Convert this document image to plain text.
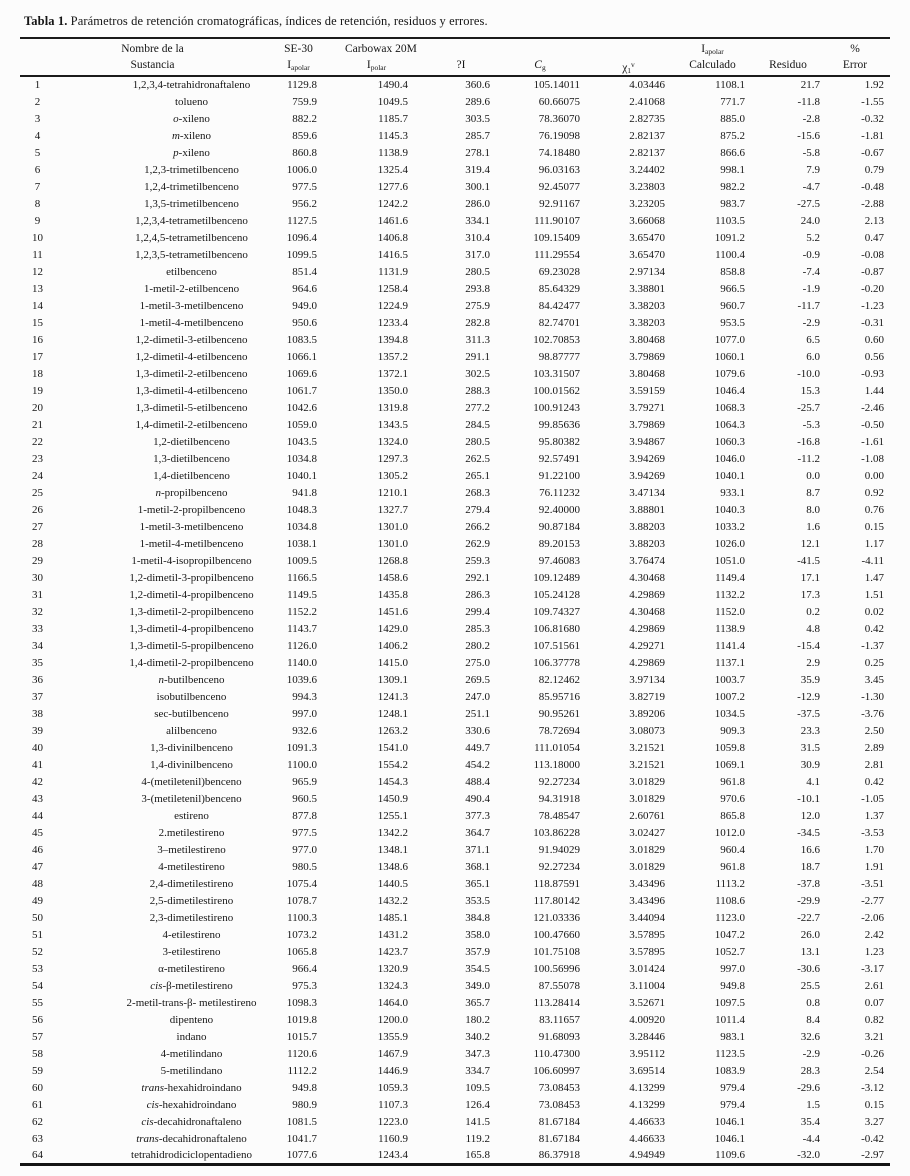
Tabla 1. Parámetros de retención cromatográficas, índices de retención, residuos y errores.

Nombre de la
Sustancia

SE-30
$I_{apolar}$

Carbowax 20M
$I_{polar}$	?I	$C_g$	$\chi_1^v$

$I_{apolar}$
Calculado	Residuo

%
Error

1	1,2,3,4-tetrahidronaftaleno	1129.8	1490.4	360.6	105.14011	4.03446	1108.1	21.7	1.92
2	tolueno	759.9	1049.5	289.6	60.66075	2.41068	771.7	-11.8	-1.55
3	o-xileno	882.2	1185.7	303.5	78.36070	2.82735	885.0	-2.8	-0.32
4	m-xileno	859.6	1145.3	285.7	76.19098	2.82137	875.2	-15.6	-1.81
5	p-xileno	860.8	1138.9	278.1	74.18480	2.82137	866.6	-5.8	-0.67
6	1,2,3-trimetilbenceno	1006.0	1325.4	319.4	96.03163	3.24402	998.1	7.9	0.79
7	1,2,4-trimetilbenceno	977.5	1277.6	300.1	92.45077	3.23803	982.2	-4.7	-0.48
8	1,3,5-trimetilbenceno	956.2	1242.2	286.0	92.91167	3.23205	983.7	-27.5	-2.88
9	1,2,3,4-tetrametilbenceno	1127.5	1461.6	334.1	111.90107	3.66068	1103.5	24.0	2.13
10	1,2,4,5-tetrametilbenceno	1096.4	1406.8	310.4	109.15409	3.65470	1091.2	5.2	0.47
11	1,2,3,5-tetrametilbenceno	1099.5	1416.5	317.0	111.29554	3.65470	1100.4	-0.9	-0.08
12	etilbenceno	851.4	1131.9	280.5	69.23028	2.97134	858.8	-7.4	-0.87
13	1-metil-2-etilbenceno	964.6	1258.4	293.8	85.64329	3.38801	966.5	-1.9	-0.20
14	1-metil-3-metilbenceno	949.0	1224.9	275.9	84.42477	3.38203	960.7	-11.7	-1.23
15	1-metil-4-metilbenceno	950.6	1233.4	282.8	82.74701	3.38203	953.5	-2.9	-0.31
16	1,2-dimetil-3-etilbenceno	1083.5	1394.8	311.3	102.70853	3.80468	1077.0	6.5	0.60
17	1,2-dimetil-4-etilbenceno	1066.1	1357.2	291.1	98.87777	3.79869	1060.1	6.0	0.56
18	1,3-dimetil-2-etilbenceno	1069.6	1372.1	302.5	103.31507	3.80468	1079.6	-10.0	-0.93
19	1,3-dimetil-4-etilbenceno	1061.7	1350.0	288.3	100.01562	3.59159	1046.4	15.3	1.44
20	1,3-dimetil-5-etilbenceno	1042.6	1319.8	277.2	100.91243	3.79271	1068.3	-25.7	-2.46
21	1,4-dimetil-2-etilbenceno	1059.0	1343.5	284.5	99.85636	3.79869	1064.3	-5.3	-0.50
22	1,2-dietilbenceno	1043.5	1324.0	280.5	95.80382	3.94867	1060.3	-16.8	-1.61
23	1,3-dietilbenceno	1034.8	1297.3	262.5	92.57491	3.94269	1046.0	-11.2	-1.08
24	1,4-dietilbenceno	1040.1	1305.2	265.1	91.22100	3.94269	1040.1	0.0	0.00
25	n-propilbenceno	941.8	1210.1	268.3	76.11232	3.47134	933.1	8.7	0.92
26	1-metil-2-propilbenceno	1048.3	1327.7	279.4	92.40000	3.88801	1040.3	8.0	0.76
27	1-metil-3-metilbenceno	1034.8	1301.0	266.2	90.87184	3.88203	1033.2	1.6	0.15
28	1-metil-4-metilbenceno	1038.1	1301.0	262.9	89.20153	3.88203	1026.0	12.1	1.17
29	1-metil-4-isopropilbenceno	1009.5	1268.8	259.3	97.46083	3.76474	1051.0	-41.5	-4.11
30	1,2-dimetil-3-propilbenceno	1166.5	1458.6	292.1	109.12489	4.30468	1149.4	17.1	1.47
31	1,2-dimetil-4-propilbenceno	1149.5	1435.8	286.3	105.24128	4.29869	1132.2	17.3	1.51
32	1,3-dimetil-2-propilbenceno	1152.2	1451.6	299.4	109.74327	4.30468	1152.0	0.2	0.02
33	1,3-dimetil-4-propilbenceno	1143.7	1429.0	285.3	106.81680	4.29869	1138.9	4.8	0.42
34	1,3-dimetil-5-propilbenceno	1126.0	1406.2	280.2	107.51561	4.29271	1141.4	-15.4	-1.37
35	1,4-dimetil-2-propilbenceno	1140.0	1415.0	275.0	106.37778	4.29869	1137.1	2.9	0.25
36	n-butilbenceno	1039.6	1309.1	269.5	82.12462	3.97134	1003.7	35.9	3.45
37	isobutilbenceno	994.3	1241.3	247.0	85.95716	3.82719	1007.2	-12.9	-1.30
38	sec-butilbenceno	997.0	1248.1	251.1	90.95261	3.89206	1034.5	-37.5	-3.76
39	alilbenceno	932.6	1263.2	330.6	78.72694	3.08073	909.3	23.3	2.50
40	1,3-divinilbenceno	1091.3	1541.0	449.7	111.01054	3.21521	1059.8	31.5	2.89
41	1,4-divinilbenceno	1100.0	1554.2	454.2	113.18000	3.21521	1069.1	30.9	2.81
42	4-(metiletenil)benceno	965.9	1454.3	488.4	92.27234	3.01829	961.8	4.1	0.42
43	3-(metiletenil)benceno	960.5	1450.9	490.4	94.31918	3.01829	970.6	-10.1	-1.05
44	estireno	877.8	1255.1	377.3	78.48547	2.60761	865.8	12.0	1.37
45	2.metilestireno	977.5	1342.2	364.7	103.86228	3.02427	1012.0	-34.5	-3.53
46	3–metilestireno	977.0	1348.1	371.1	91.94029	3.01829	960.4	16.6	1.70
47	4-metilestireno	980.5	1348.6	368.1	92.27234	3.01829	961.8	18.7	1.91
48	2,4-dimetilestireno	1075.4	1440.5	365.1	118.87591	3.43496	1113.2	-37.8	-3.51
49	2,5-dimetilestireno	1078.7	1432.2	353.5	117.80142	3.43496	1108.6	-29.9	-2.77
50	2,3-dimetilestireno	1100.3	1485.1	384.8	121.03336	3.44094	1123.0	-22.7	-2.06
51	4-etilestireno	1073.2	1431.2	358.0	100.47660	3.57895	1047.2	26.0	2.42
52	3-etilestireno	1065.8	1423.7	357.9	101.75108	3.57895	1052.7	13.1	1.23
53	α-metilestireno	966.4	1320.9	354.5	100.56996	3.01424	997.0	-30.6	-3.17
54	cis-β-metilestireno	975.3	1324.3	349.0	87.55078	3.11004	949.8	25.5	2.61
55	2-metil-trans-β- metilestireno	1098.3	1464.0	365.7	113.28414	3.52671	1097.5	0.8	0.07
56	dipenteno	1019.8	1200.0	180.2	83.11657	4.00920	1011.4	8.4	0.82
57	indano	1015.7	1355.9	340.2	91.68093	3.28446	983.1	32.6	3.21
58	4-metilindano	1120.6	1467.9	347.3	110.47300	3.95112	1123.5	-2.9	-0.26
59	5-metilindano	1112.2	1446.9	334.7	106.60997	3.69514	1083.9	28.3	2.54
60	trans-hexahidroindano	949.8	1059.3	109.5	73.08453	4.13299	979.4	-29.6	-3.12
61	cis-hexahidroindano	980.9	1107.3	126.4	73.08453	4.13299	979.4	1.5	0.15
62	cis-decahidronaftaleno	1081.5	1223.0	141.5	81.67184	4.46633	1046.1	35.4	3.27
63	trans-decahidronaftaleno	1041.7	1160.9	119.2	81.67184	4.46633	1046.1	-4.4	-0.42
64	tetrahidrodiciclopentadieno	1077.6	1243.4	165.8	86.37918	4.94949	1109.6	-32.0	-2.97
